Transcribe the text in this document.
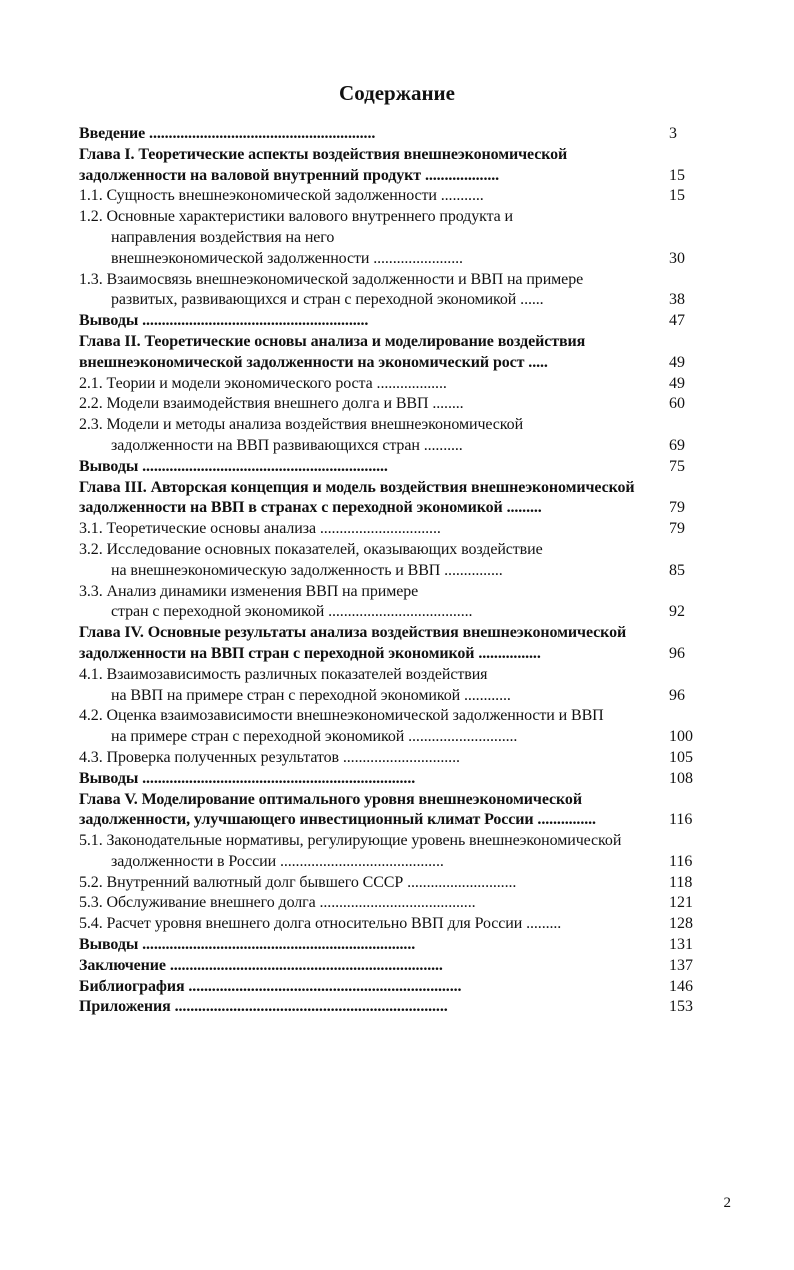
Содержание
Введение ..........................................................	3
Глава I. Теоретические аспекты воздействия внешнеэкономической
задолженности на валовой внутренний продукт ...................	15
1.1. Сущность внешнеэкономической задолженности ...........	15
1.2. Основные характеристики валового внутреннего продукта и
направления воздействия на него
внешнеэкономической задолженности .......................	30
1.3. Взаимосвязь внешнеэкономической задолженности и ВВП на примере
развитых, развивающихся и стран с переходной экономикой ......	38
Выводы ..........................................................	47
Глава II. Теоретические основы анализа и моделирование воздействия
внешнеэкономической задолженности на экономический рост .....	49
2.1. Теории и модели экономического роста ..................	49
2.2. Модели взаимодействия внешнего долга и ВВП ........	60
2.3. Модели и методы анализа воздействия внешнеэкономической
задолженности на ВВП развивающихся стран ..........	69
Выводы ...............................................................	75
Глава III. Авторская концепция и модель воздействия внешнеэкономической
задолженности на ВВП в странах с переходной экономикой .........	79
3.1. Теоретические основы анализа ...............................	79
3.2. Исследование основных показателей, оказывающих воздействие
на внешнеэкономическую задолженность и ВВП ...............	85
3.3. Анализ динамики изменения ВВП на примере
стран с переходной экономикой .....................................	92
Глава IV. Основные результаты анализа воздействия внешнеэкономической
задолженности на ВВП стран с переходной экономикой ................	96
4.1. Взаимозависимость различных показателей воздействия
на ВВП на примере стран с переходной экономикой ............	96
4.2. Оценка взаимозависимости внешнеэкономической задолженности и ВВП
на примере стран с переходной экономикой ............................	100
4.3. Проверка полученных результатов ..............................	105
Выводы ......................................................................	108
Глава V. Моделирование оптимального уровня внешнеэкономической
задолженности, улучшающего инвестиционный климат России ...............	116
5.1. Законодательные нормативы, регулирующие уровень внешнеэкономической
задолженности в России ..........................................	116
5.2. Внутренний валютный долг бывшего СССР ............................	118
5.3. Обслуживание внешнего долга ........................................	121
5.4. Расчет уровня внешнего долга относительно ВВП для России .........	128
Выводы ......................................................................	131
Заключение ......................................................................	137
Библиография ......................................................................	146
Приложения ......................................................................	153
2
